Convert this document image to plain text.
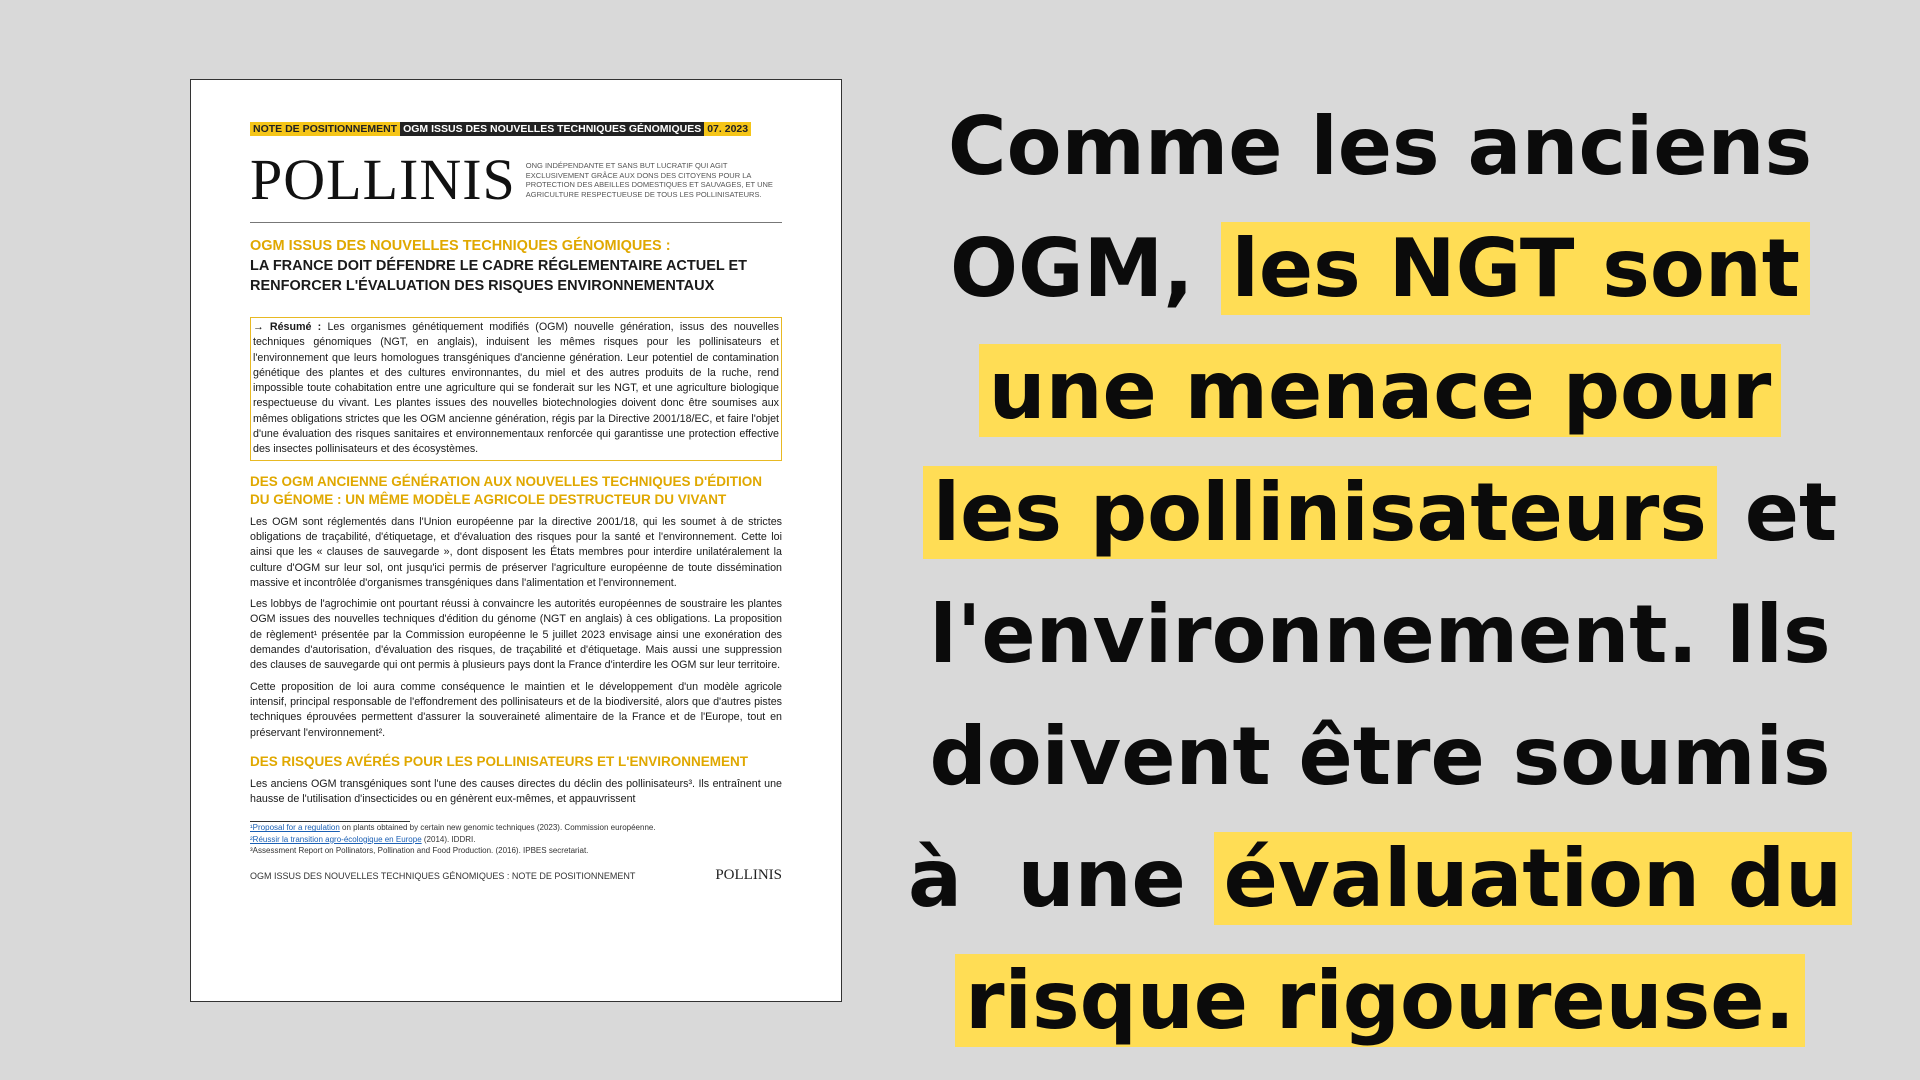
NOTE DE POSITIONNEMENT OGM ISSUS DES NOUVELLES TECHNIQUES GÉNOMIQUES 07. 2023
POLLINIS ONG INDÉPENDANTE ET SANS BUT LUCRATIF QUI AGIT EXCLUSIVEMENT GRÂCE AUX DONS DES CITOYENS POUR LA PROTECTION DES ABEILLES DOMESTIQUES ET SAUVAGES, ET UNE AGRICULTURE RESPECTUEUSE DE TOUS LES POLLINISATEURS.
OGM ISSUS DES NOUVELLES TECHNIQUES GÉNOMIQUES :
LA FRANCE DOIT DÉFENDRE LE CADRE RÉGLEMENTAIRE ACTUEL ET RENFORCER L'ÉVALUATION DES RISQUES ENVIRONNEMENTAUX
→ Résumé : Les organismes génétiquement modifiés (OGM) nouvelle génération, issus des nouvelles techniques génomiques (NGT, en anglais), induisent les mêmes risques pour les pollinisateurs et l'environnement que leurs homologues transgéniques d'ancienne génération. Leur potentiel de contamination génétique des plantes et des cultures environnantes, du miel et des autres produits de la ruche, rend impossible toute cohabitation entre une agriculture qui se fonderait sur les NGT, et une agriculture biologique respectueuse du vivant. Les plantes issues des nouvelles biotechnologies doivent donc être soumises aux mêmes obligations strictes que les OGM ancienne génération, régis par la Directive 2001/18/EC, et faire l'objet d'une évaluation des risques sanitaires et environnementaux renforcée qui garantisse une protection effective des insectes pollinisateurs et des écosystèmes.
DES OGM ANCIENNE GÉNÉRATION AUX NOUVELLES TECHNIQUES D'ÉDITION DU GÉNOME : UN MÊME MODÈLE AGRICOLE DESTRUCTEUR DU VIVANT
Les OGM sont réglementés dans l'Union européenne par la directive 2001/18, qui les soumet à de strictes obligations de traçabilité, d'étiquetage, et d'évaluation des risques pour la santé et l'environnement. Cette loi ainsi que les « clauses de sauvegarde », dont disposent les États membres pour interdire unilatéralement la culture d'OGM sur leur sol, ont jusqu'ici permis de préserver l'agriculture européenne de toute dissémination massive et incontrôlée d'organismes transgéniques dans l'alimentation et l'environnement.
Les lobbys de l'agrochimie ont pourtant réussi à convaincre les autorités européennes de soustraire les plantes OGM issues des nouvelles techniques d'édition du génome (NGT en anglais) à ces obligations. La proposition de règlement¹ présentée par la Commission européenne le 5 juillet 2023 envisage ainsi une exonération des demandes d'autorisation, d'évaluation des risques, de traçabilité et d'étiquetage. Mais aussi une suppression des clauses de sauvegarde qui ont permis à plusieurs pays dont la France d'interdire les OGM sur leur territoire.
Cette proposition de loi aura comme conséquence le maintien et le développement d'un modèle agricole intensif, principal responsable de l'effondrement des pollinisateurs et de la biodiversité, alors que d'autres pistes techniques éprouvées permettent d'assurer la souveraineté alimentaire de la France et de l'Europe, tout en préservant l'environnement².
DES RISQUES AVÉRÉS POUR LES POLLINISATEURS ET L'ENVIRONNEMENT
Les anciens OGM transgéniques sont l'une des causes directes du déclin des pollinisateurs³. Ils entraînent une hausse de l'utilisation d'insecticides ou en génèrent eux-mêmes, et appauvrissent
¹Proposal for a regulation on plants obtained by certain new genomic techniques (2023). Commission européenne.
²Réussir la transition agro-écologique en Europe (2014). IDDRI.
³Assessment Report on Pollinators, Pollination and Food Production. (2016). IPBES secretariat.
OGM ISSUS DES NOUVELLES TECHNIQUES GÉNOMIQUES : NOTE DE POSITIONNEMENT	POLLINIS
Comme les anciens
OGM, les NGT sont
une menace pour
les pollinisateurs et
l'environnement. Ils
doivent être soumis
à  une évaluation du
risque rigoureuse.
